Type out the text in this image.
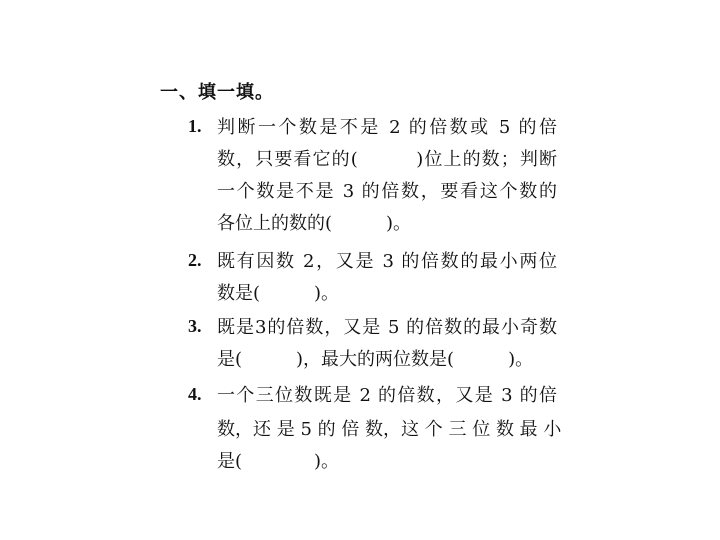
一、填一填。
1. 判断一个数是不是 2 的倍数或 5 的倍
数，只要看它的(　　　)位上的数；判断
一个数是不是 3 的倍数，要看这个数的
各位上的数的(　　　)。
2. 既有因数 2，又是 3 的倍数的最小两位
数是(　　　)。
3. 既是3的倍数，又是 5 的倍数的最小奇数
是(　　　)，最大的两位数是(　　　)。
4. 一个三位数既是 2 的倍数，又是 3 的倍
数，还 是 5 的 倍 数，这 个 三 位 数 最 小
是(　　　　)。
